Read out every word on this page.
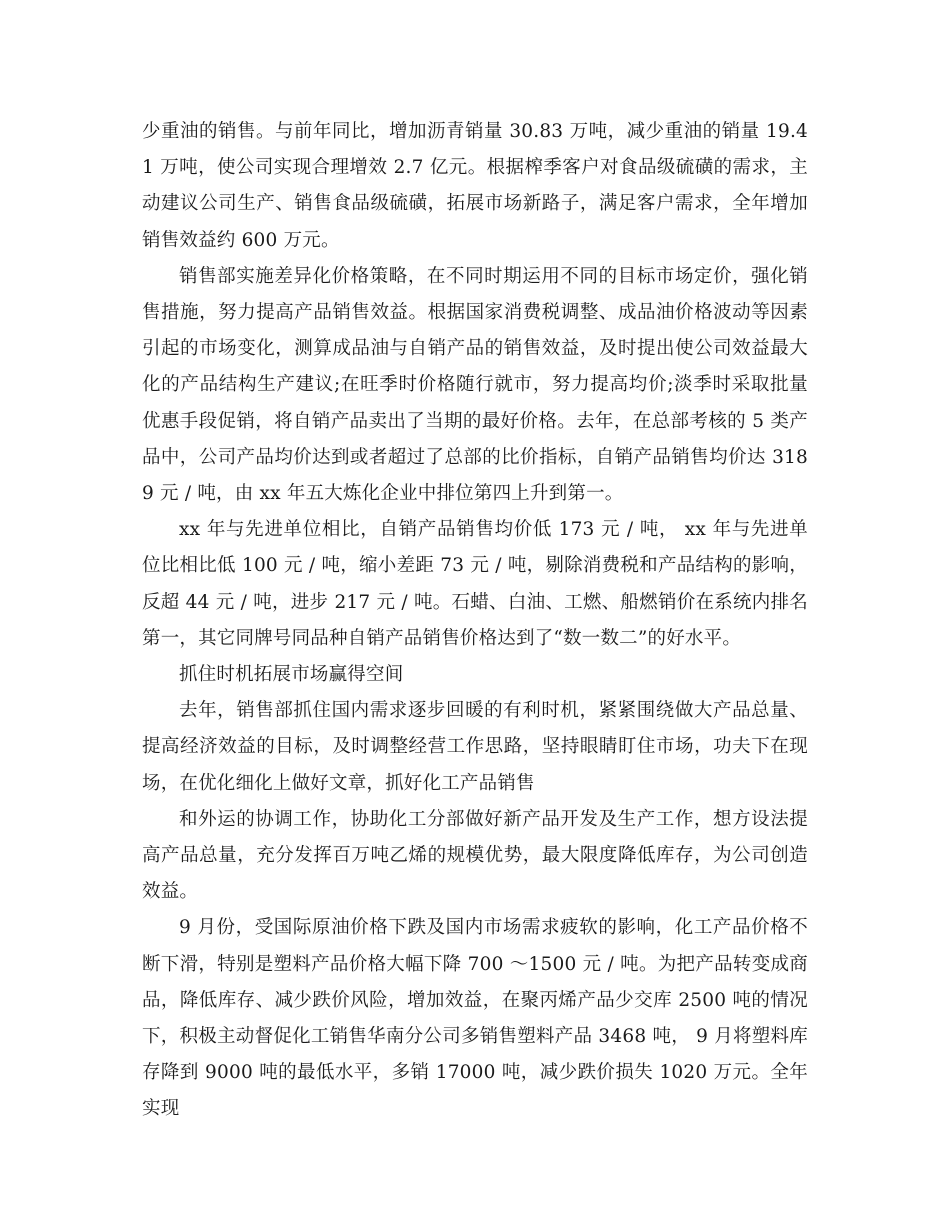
少重油的销售。与前年同比，增加沥青销量 30.83 万吨，减少重油的销量 19.41 万吨，使公司实现合理增效 2.7 亿元。根据榨季客户对食品级硫磺的需求，主动建议公司生产、销售食品级硫磺，拓展市场新路子，满足客户需求，全年增加销售效益约 600 万元。

销售部实施差异化价格策略，在不同时期运用不同的目标市场定价，强化销售措施，努力提高产品销售效益。根据国家消费税调整、成品油价格波动等因素引起的市场变化，测算成品油与自销产品的销售效益，及时提出使公司效益最大化的产品结构生产建议;在旺季时价格随行就市，努力提高均价;淡季时采取批量优惠手段促销，将自销产品卖出了当期的最好价格。去年，在总部考核的 5 类产品中，公司产品均价达到或者超过了总部的比价指标，自销产品销售均价达 3189 元 / 吨，由 xx 年五大炼化企业中排位第四上升到第一。

xx 年与先进单位相比，自销产品销售均价低 173 元 / 吨， xx 年与先进单位比相比低 100 元 / 吨，缩小差距 73 元 / 吨，剔除消费税和产品结构的影响，反超 44 元 / 吨，进步 217 元 / 吨。石蜡、白油、工燃、船燃销价在系统内排名第一，其它同牌号同品种自销产品销售价格达到了“数一数二”的好水平。

抓住时机拓展市场赢得空间

去年，销售部抓住国内需求逐步回暖的有利时机，紧紧围绕做大产品总量、提高经济效益的目标，及时调整经营工作思路，坚持眼睛盯住市场，功夫下在现场，在优化细化上做好文章，抓好化工产品销售

和外运的协调工作，协助化工分部做好新产品开发及生产工作，想方设法提高产品总量，充分发挥百万吨乙烯的规模优势，最大限度降低库存，为公司创造效益。

9 月份，受国际原油价格下跌及国内市场需求疲软的影响，化工产品价格不断下滑，特别是塑料产品价格大幅下降 700 ～1500 元 / 吨。为把产品转变成商品，降低库存、减少跌价风险，增加效益，在聚丙烯产品少交库 2500 吨的情况下，积极主动督促化工销售华南分公司多销售塑料产品 3468 吨， 9 月将塑料库存降到 9000 吨的最低水平，多销 17000 吨，减少跌价损失 1020 万元。全年实现
